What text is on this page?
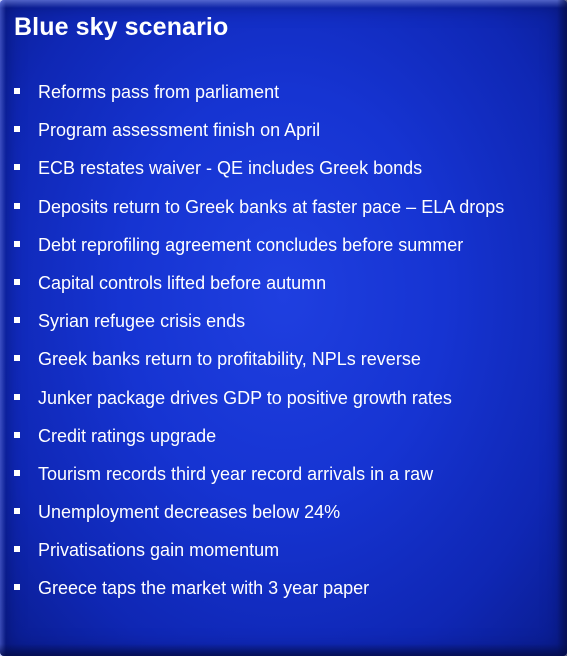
Blue sky scenario
Reforms pass from parliament
Program assessment finish on April
ECB restates waiver - QE includes Greek bonds
Deposits return to Greek banks at faster pace – ELA drops
Debt reprofiling agreement concludes before summer
Capital controls lifted before autumn
Syrian refugee crisis ends
Greek banks return to profitability, NPLs reverse
Junker package drives GDP to positive growth rates
Credit ratings upgrade
Tourism records third year record arrivals in a raw
Unemployment decreases below 24%
Privatisations gain momentum
Greece taps the market with 3 year paper
